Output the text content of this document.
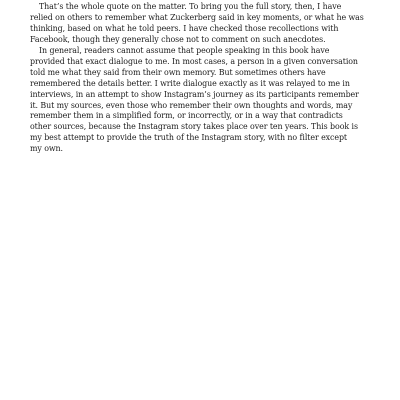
That’s the whole quote on the matter. To bring you the full story, then, I have
relied on others to remember what Zuckerberg said in key moments, or what he was
thinking, based on what he told peers. I have checked those recollections with
Facebook, though they generally chose not to comment on such anecdotes.
In general, readers cannot assume that people speaking in this book have
provided that exact dialogue to me. In most cases, a person in a given conversation
told me what they said from their own memory. But sometimes others have
remembered the details better. I write dialogue exactly as it was relayed to me in
interviews, in an attempt to show Instagram’s journey as its participants remember
it. But my sources, even those who remember their own thoughts and words, may
remember them in a simplified form, or incorrectly, or in a way that contradicts
other sources, because the Instagram story takes place over ten years. This book is
my best attempt to provide the truth of the Instagram story, with no filter except
my own.
